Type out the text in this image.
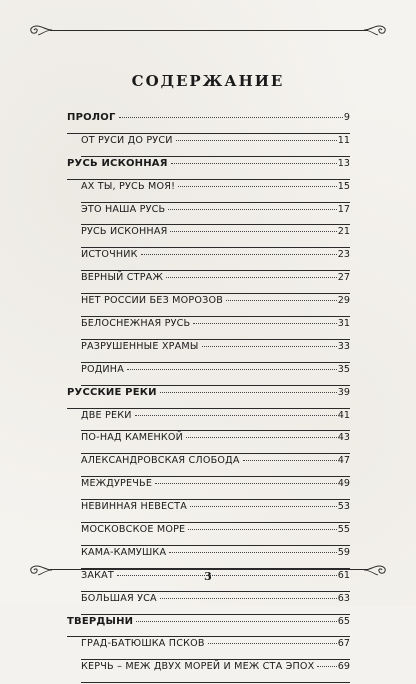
СОДЕРЖАНИЕ
ПРОЛОГ	9
ОТ РУСИ ДО РУСИ	11
РУСЬ ИСКОННАЯ	13
АХ ТЫ, РУСЬ МОЯ!	15
ЭТО НАША РУСЬ	17
РУСЬ ИСКОННАЯ	21
ИСТОЧНИК	23
ВЕРНЫЙ СТРАЖ	27
НЕТ РОССИИ БЕЗ МОРОЗОВ	29
БЕЛОСНЕЖНАЯ РУСЬ	31
РАЗРУШЕННЫЕ ХРАМЫ	33
РОДИНА	35
РУССКИЕ РЕКИ	39
ДВЕ РЕКИ	41
ПО-НАД КАМЕНКОЙ	43
АЛЕКСАНДРОВСКАЯ СЛОБОДА	47
МЕЖДУРЕЧЬЕ	49
НЕВИННАЯ НЕВЕСТА	53
МОСКОВСКОЕ МОРЕ	55
КАМА-КАМУШКА	59
ЗАКАТ	61
БОЛЬШАЯ УСА	63
ТВЕРДЫНИ	65
ГРАД-БАТЮШКА ПСКОВ	67
КЕРЧЬ – МЕЖ ДВУХ МОРЕЙ И МЕЖ СТА ЭПОХ 69
3
